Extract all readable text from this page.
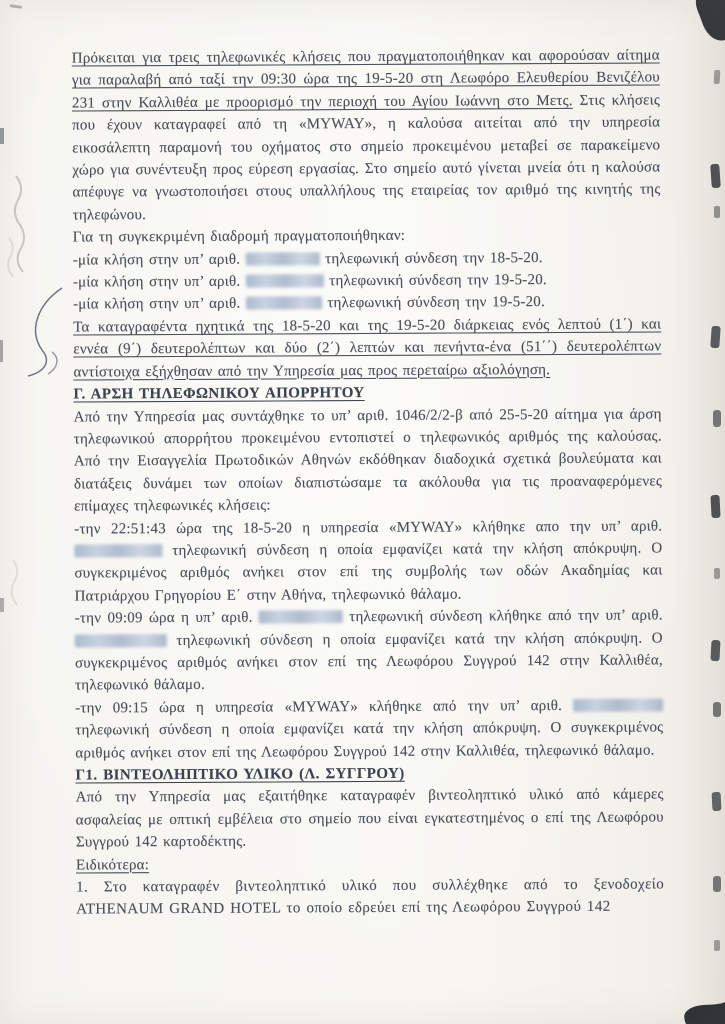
Πρόκειται για τρεις τηλεφωνικές κλήσεις που πραγματοποιήθηκαν και αφορούσαν αίτημα για παραλαβή από ταξί την 09:30 ώρα της 19-5-20 στη Λεωφόρο Ελευθερίου Βενιζέλου 231 στην Καλλιθέα με προορισμό την περιοχή του Αγίου Ιωάννη στο Μετς. Στις κλήσεις που έχουν καταγραφεί από τη «MYWAY», η καλούσα αιτείται από την υπηρεσία εικοσάλεπτη παραμονή του οχήματος στο σημείο προκειμένου μεταβεί σε παρακείμενο χώρο για συνέντευξη προς εύρεση εργασίας. Στο σημείο αυτό γίνεται μνεία ότι η καλούσα απέφυγε να γνωστοποιήσει στους υπαλλήλους της εταιρείας τον αριθμό της κινητής της τηλεφώνου.

Για τη συγκεκριμένη διαδρομή πραγματοποιήθηκαν:

-μία κλήση στην υπ’ αριθ.	τηλεφωνική σύνδεση την 18-5-20.

-μία κλήση στην υπ’ αριθ.	τηλεφωνική σύνδεση την 19-5-20.

-μία κλήση στην υπ’ αριθ.	τηλεφωνική σύνδεση την 19-5-20.

Τα καταγραφέντα ηχητικά της 18-5-20 και της 19-5-20 διάρκειας ενός λεπτού (1΄) και εννέα (9΄) δευτερολέπτων και δύο (2΄) λεπτών και πενήντα-ένα (51΄΄) δευτερολέπτων αντίστοιχα εξήχθησαν από την Υπηρεσία μας προς περεταίρω αξιολόγηση.

Γ. ΑΡΣΗ ΤΗΛΕΦΩΝΙΚΟΥ ΑΠΟΡΡΗΤΟΥ

Από την Υπηρεσία μας συντάχθηκε το υπ’ αριθ. 1046/2/2-β από 25-5-20 αίτημα για άρση τηλεφωνικού απορρήτου προκειμένου εντοπιστεί ο τηλεφωνικός αριθμός της καλούσας. Από την Εισαγγελία Πρωτοδικών Αθηνών εκδόθηκαν διαδοχικά σχετικά βουλεύματα και διατάξεις δυνάμει των οποίων διαπιστώσαμε τα ακόλουθα για τις προαναφερόμενες επίμαχες τηλεφωνικές κλήσεις:

-την 22:51:43 ώρα της 18-5-20 η υπηρεσία «MYWAY» κλήθηκε απο την υπ’ αριθ.  τηλεφωνική σύνδεση η οποία εμφανίζει κατά την κλήση απόκρυψη. Ο συγκεκριμένος αριθμός ανήκει στον επί της συμβολής των οδών Ακαδημίας και Πατριάρχου Γρηγορίου Ε΄ στην Αθήνα, τηλεφωνικό θάλαμο.

-την 09:09 ώρα η υπ’ αριθ.	τηλεφωνική σύνδεση κλήθηκε από την υπ’ αριθ.  τηλεφωνική σύνδεση η οποία εμφανίζει κατά την κλήση απόκρυψη. Ο συγκεκριμένος αριθμός ανήκει στον επί της Λεωφόρου Συγγρού 142 στην Καλλιθέα, τηλεφωνικό θάλαμο.

-την 09:15 ώρα η υπηρεσία «MYWAY» κλήθηκε από την υπ’ αριθ.  τηλεφωνική σύνδεση η οποία εμφανίζει κατά την κλήση απόκρυψη. Ο συγκεκριμένος αριθμός ανήκει στον επί της Λεωφόρου Συγγρού 142 στην Καλλιθέα, τηλεφωνικό θάλαμο.

Γ1. ΒΙΝΤΕΟΛΗΠΤΙΚΟ ΥΛΙΚΟ (Λ. ΣΥΓΓΡΟΥ)

Από την Υπηρεσία μας εξαιτήθηκε καταγραφέν βιντεοληπτικό υλικό από κάμερες ασφαλείας με οπτική εμβέλεια στο σημείο που είναι εγκατεστημένος ο επί της Λεωφόρου Συγγρού 142 καρτοδέκτης.

Ειδικότερα:

1. Στο καταγραφέν βιντεοληπτικό υλικό που συλλέχθηκε από το ξενοδοχείο ATHENAUM GRAND HOTEL το οποίο εδρεύει επί της Λεωφόρου Συγγρού 142
